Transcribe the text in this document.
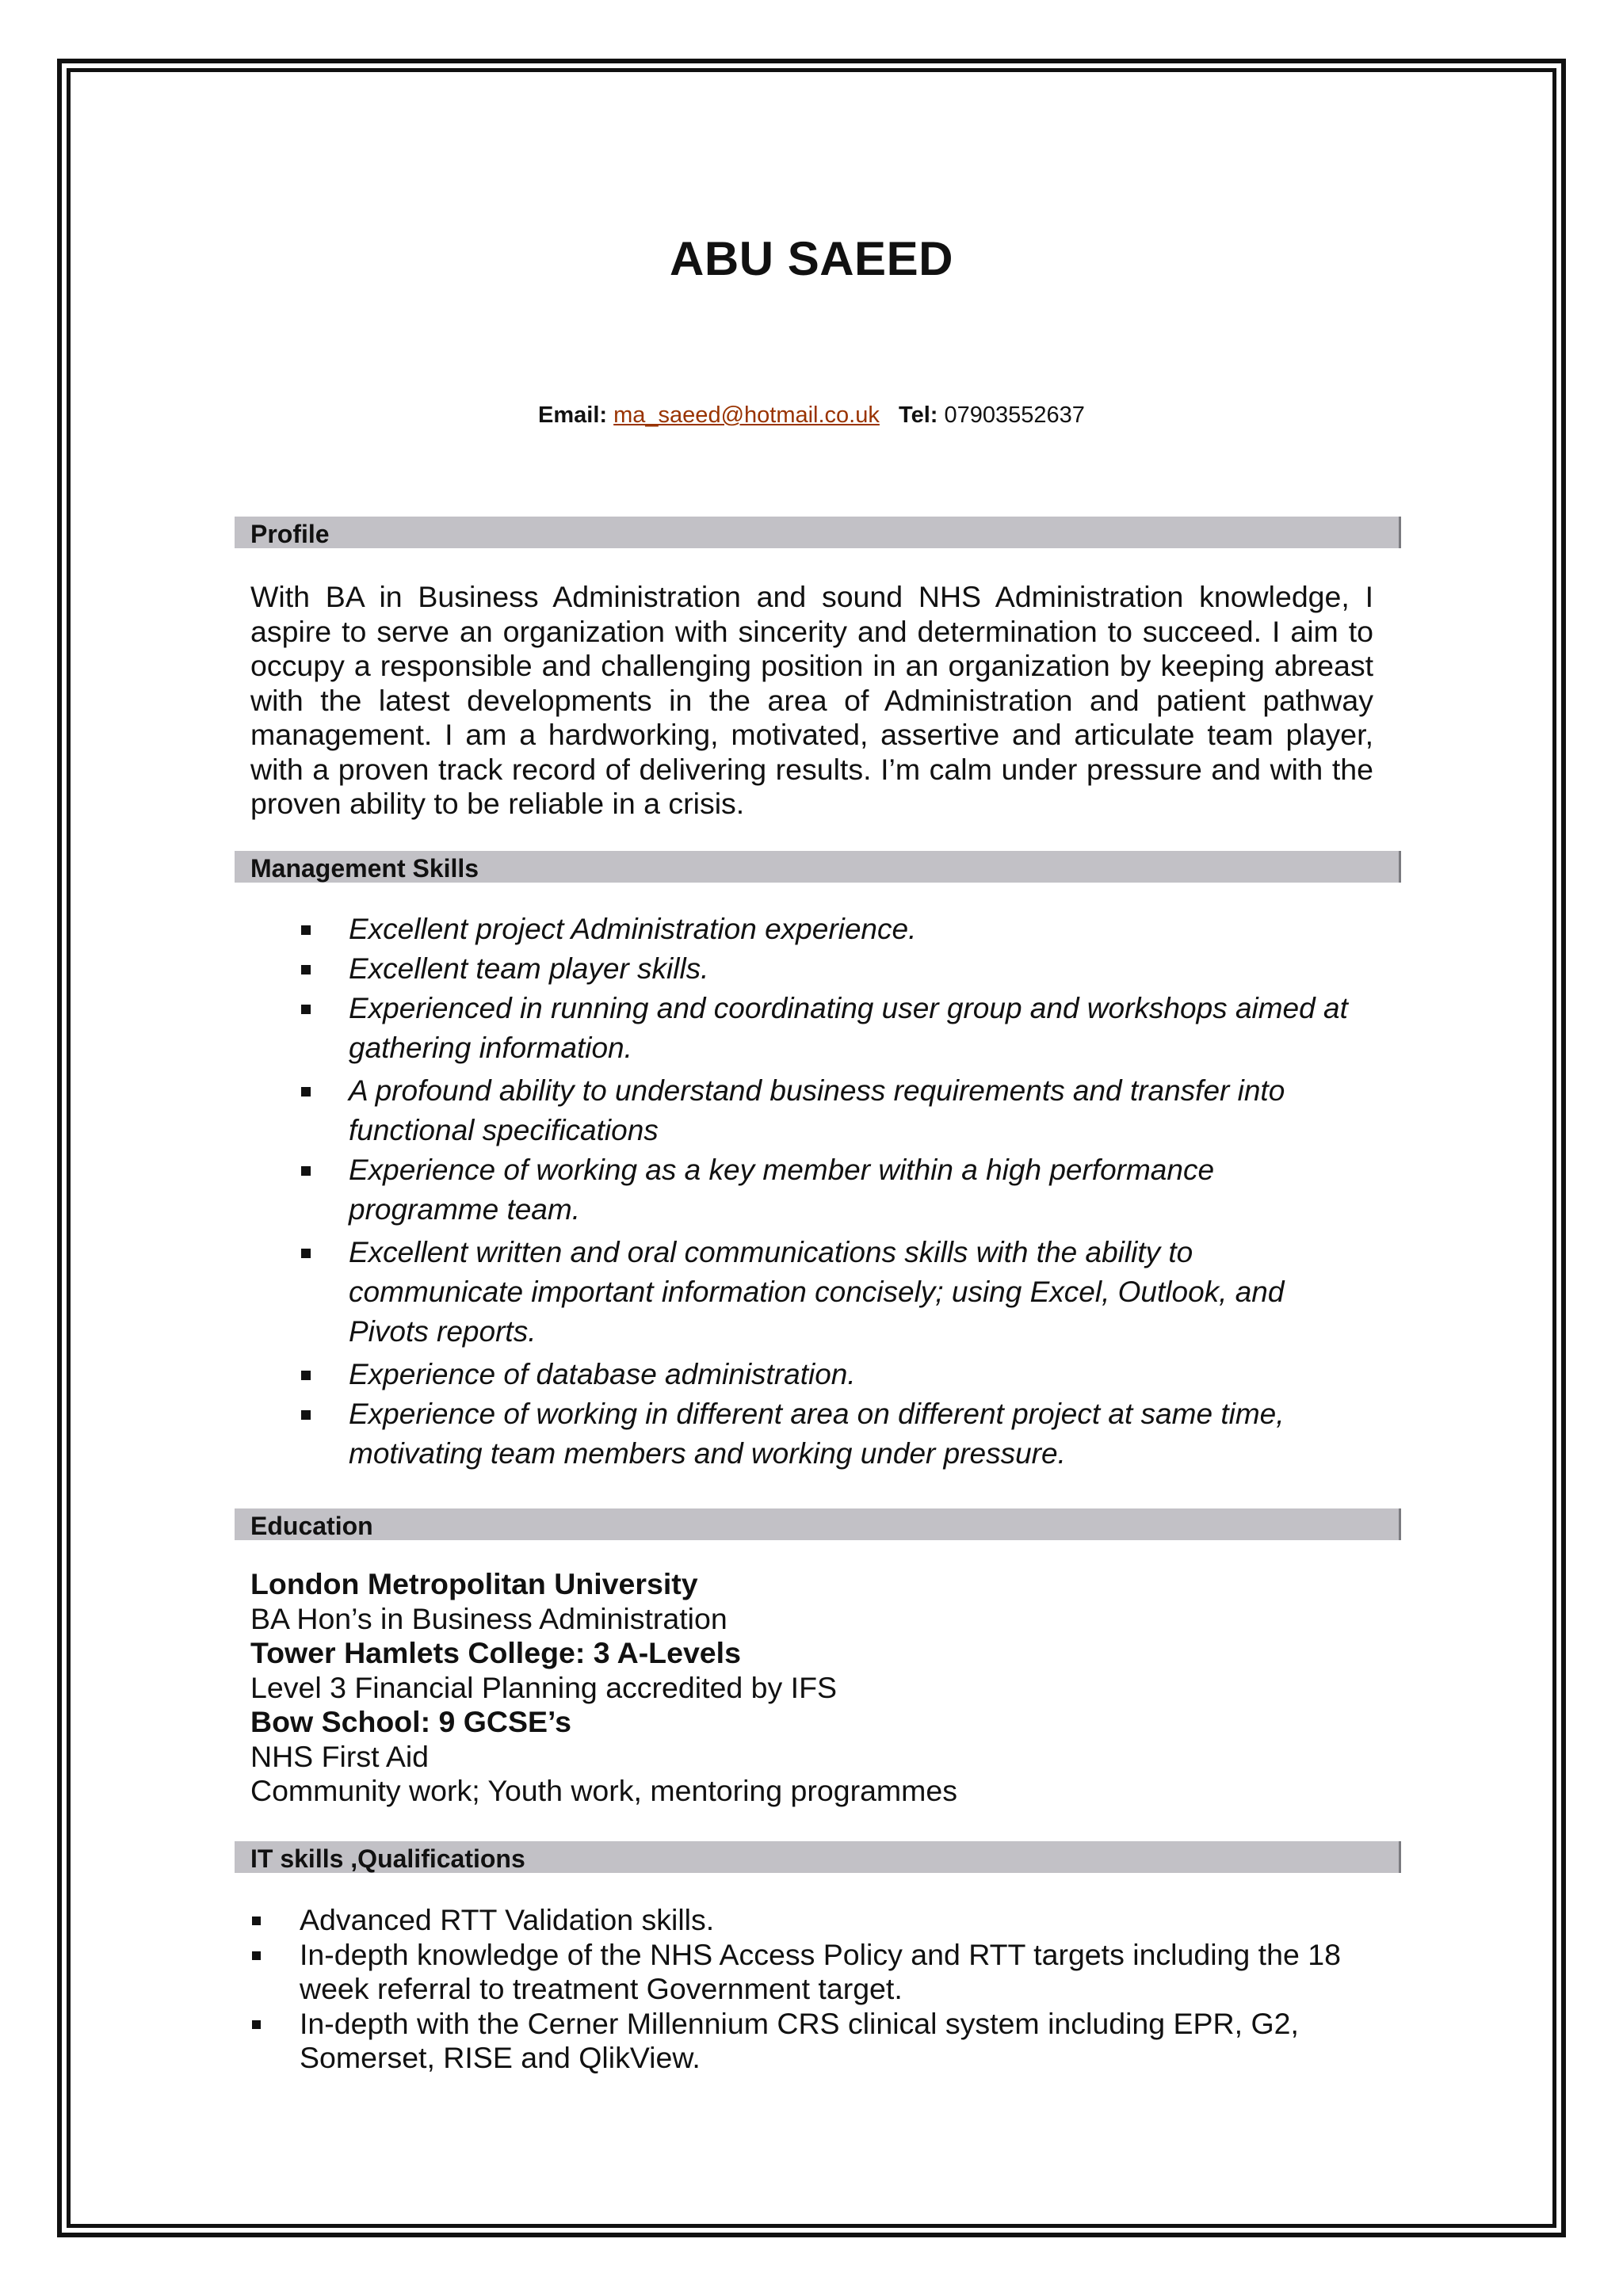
ABU SAEED
Email: ma_saeed@hotmail.co.uk Tel: 07903552637
Profile
With BA in Business Administration and sound NHS Administration knowledge, I aspire to serve an organization with sincerity and determination to succeed. I aim to occupy a responsible and challenging position in an organization by keeping abreast with the latest developments in the area of Administration and patient pathway management. I am a hardworking, motivated, assertive and articulate team player, with a proven track record of delivering results. I’m calm under pressure and with the proven ability to be reliable in a crisis.
Management Skills
Excellent project Administration experience.
Excellent team player skills.
Experienced in running and coordinating user group and workshops aimed at gathering information.
A profound ability to understand business requirements and transfer into functional specifications
Experience of working as a key member within a high performance programme team.
Excellent written and oral communications skills with the ability to communicate important information concisely; using Excel, Outlook, and Pivots reports.
Experience of database administration.
Experience of working in different area on different project at same time, motivating team members and working under pressure.
Education
London Metropolitan University
BA Hon’s in Business Administration
Tower Hamlets College: 3 A-Levels
Level 3 Financial Planning accredited by IFS
Bow School: 9 GCSE’s
NHS First Aid
Community work; Youth work, mentoring programmes
IT skills ,Qualifications
Advanced RTT Validation skills.
In-depth knowledge of the NHS Access Policy and RTT targets including the 18 week referral to treatment Government target.
In-depth with the Cerner Millennium CRS clinical system including EPR, G2, Somerset, RISE and QlikView.
